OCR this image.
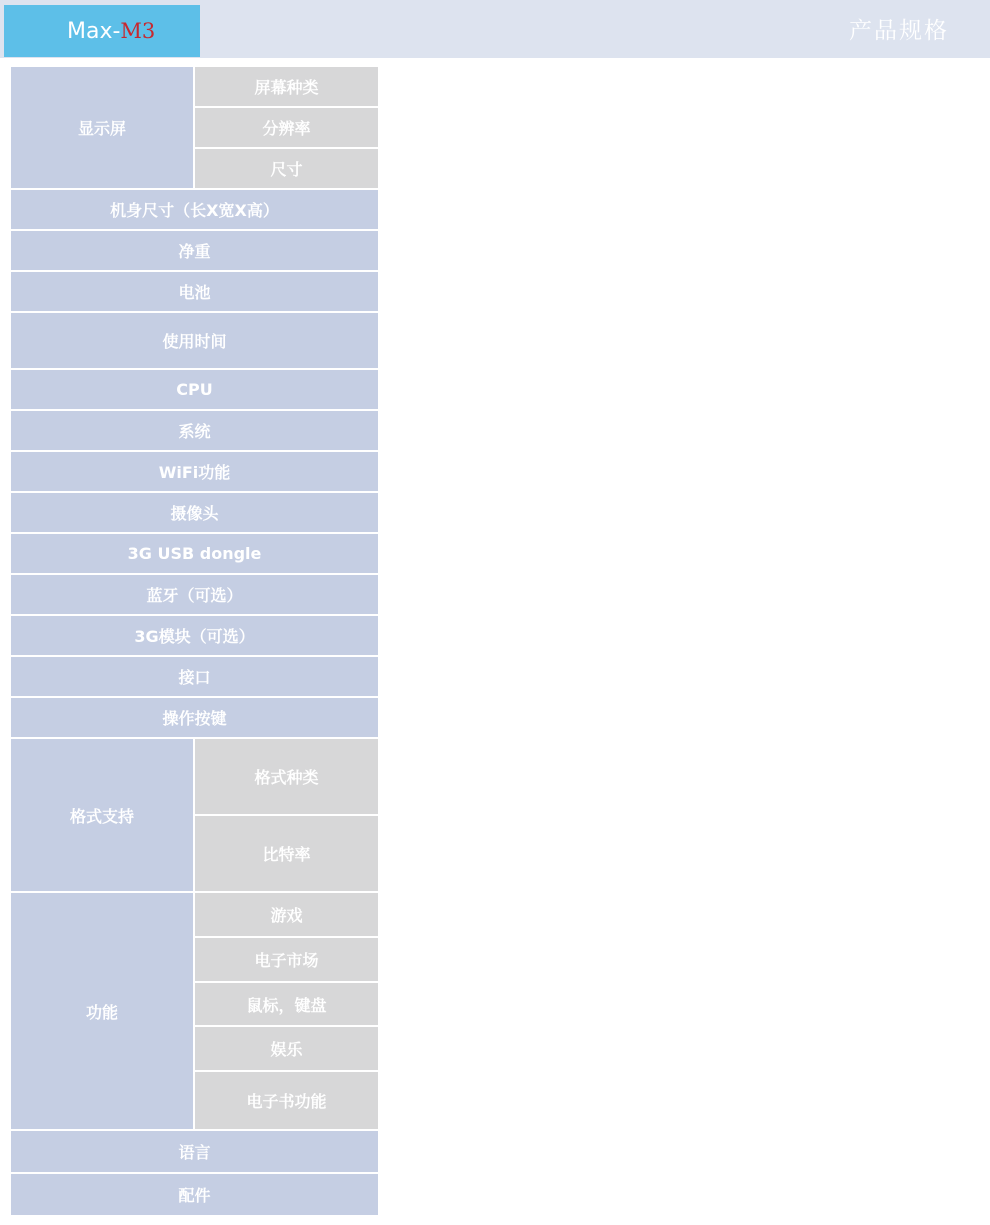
Max-M3	产品规格
显示屏	屏幕种类	10点电容触摸屏，全视角

	分辨率	高清IPS屏1280X800（16:10）

	尺寸	10.1英寸（对角线）

机身尺寸（长X宽X高）		259（长）*183.3（宽）*13（高）毫米

净重		748g

电池		内置可充电锂电池，7.4V，3500mA

使用时间		网页浏览：6h； 游戏： 4.5h；音乐（视播放情况而定）最少30h；
视频播放：6h；阅读电子书：10h

CPU		1.6GHz Arm Cotex A9

系统		Android 4.1操作系统

WiFi功能		有（ 802.11b/g/n）

摄像头		前置200万像素，后置500万摄像头

3G USB dongle		支持多种3G USB dongle

蓝牙（可选）		支持蓝牙 2.1（高速数据传输）

3G模块（可选）		支持EVDO，WCDMA， 3G模块（可选）

接口		TF 卡槽, Mini USB Host接口，耳机口(3.5mm), 电源接口, HDMI接口（可选）

操作按键		音量加，减键，ESC键，主屏键

格式支持	格式种类	音乐：MP3、WMA、FLAC、AAC、WAV、OGG、
图片：JPEG、BMP、GIF 、PNG
视频：WMV,RM,AVI,RMVB,MP4,MPG,MPEG, FLV…支持720P高清格式

	比特率	音乐：MP3 : 8Kbps ~ 320 Kbps,
WMA : 5Kbps ~ 320 Kbps

功能	游戏	支持多种3D加速游戏

	电子市场	搜索，下载成千上万免费应用程式

	鼠标，键盘	支持外接鼠标，键盘操作

	娱乐	预装QQ， QQ live，日历，视屏播放器， 书架...多种软件

	电子书功能	支持多种格式，
诸如：ANSI，UNICODE TXT ,PDF,HTML,FB2 ,PDB , EPUB

语言		支持简体中文，繁体中文，英语等超过40个国家的语言

配件		USB 线，耳机线，充电器，说明书
